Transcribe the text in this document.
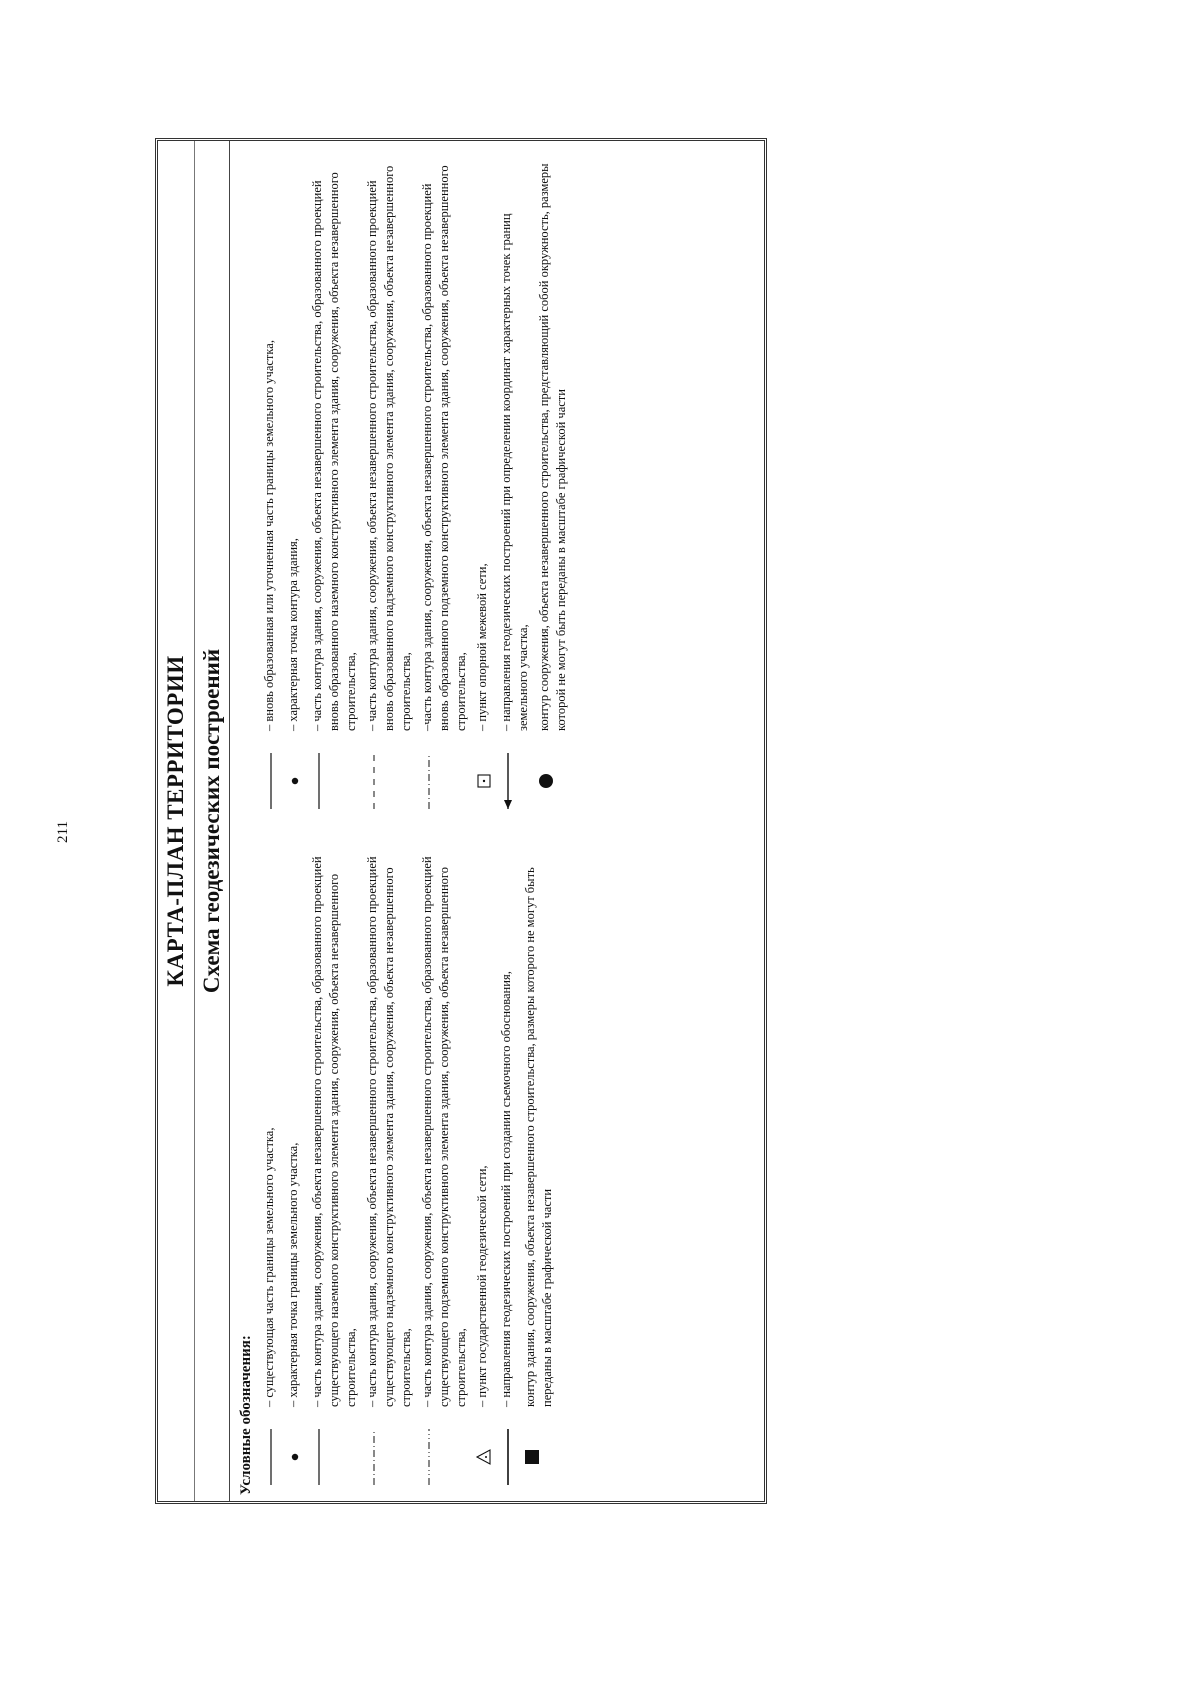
211	КАРТА-ПЛАН ТЕРРИТОРИИ Схема геодезических построений
Условные обозначения:
– существующая часть границы земельного участка, – характерная точка границы земельного участка, – часть контура здания, сооружения, объекта незавершенного строительства, образованного проекцией существующего наземного конструктивного элемента здания, сооружения, объекта незавершенного строительства, – часть контура здания, сооружения, объекта незавершенного строительства, образованного проекцией существующего надземного конструктивного элемента здания, сооружения, объекта незавершенного строительства, – часть контура здания, сооружения, объекта незавершенного строительства, образованного проекцией существующего подземного конструктивного элемента здания, сооружения, объекта незавершенного строительства, – пункт государственной геодезической сети, – направления геодезических построений при создании съемочного обоснования, контур здания, сооружения, объекта незавершенного строительства, размеры которого не могут быть переданы в масштабе графической части
– вновь образованная или уточненная часть границы земельного участка, – характерная точка контура здания, – часть контура здания, сооружения, объекта незавершенного строительства, образованного проекцией вновь образованного наземного конструктивного элемента здания, сооружения, объекта незавершенного строительства, – часть контура здания, сооружения, объекта незавершенного строительства, образованного проекцией вновь образованного надземного конструктивного элемента здания, сооружения, объекта незавершенного строительства, –часть контура здания, сооружения, объекта незавершенного строительства, образованного проекцией вновь образованного подземного конструктивного элемента здания, сооружения, объекта незавершенного строительства, – пункт опорной межевой сети, – направления геодезических построений при определении координат характерных точек границ земельного участка, контур сооружения, объекта незавершенного строительства, представляющий собой окружность, размеры которой не могут быть переданы в масштабе графической части
